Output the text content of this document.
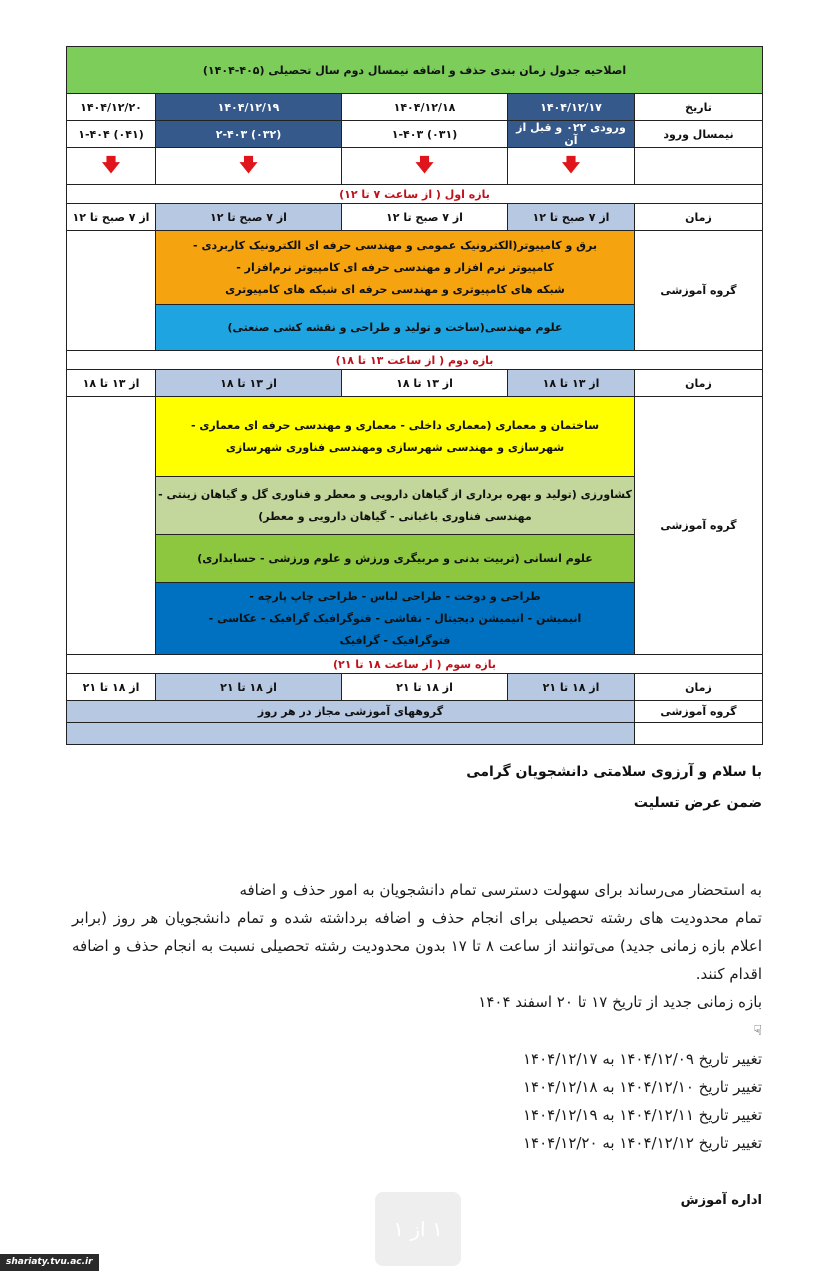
اصلاحیه جدول زمان بندی حذف و اضافه نیمسال دوم سال تحصیلی (۴۰۵-۱۴۰۴)				
تاریخ	۱۴۰۴/۱۲/۱۷	۱۴۰۴/۱۲/۱۸	۱۴۰۴/۱۲/۱۹	۱۴۰۴/۱۲/۲۰
نیمسال ورود	ورودی ۰۲۲ و قبل از آن	(۰۳۱) ۱-۴۰۳	(۰۳۲) ۲-۴۰۳	(۰۴۱) ۱-۴۰۴
	🡇	🡇	🡇	🡇
بازه اول ( از ساعت ۷ تا ۱۲)				
زمان	از ۷ صبح تا ۱۲	از ۷ صبح تا ۱۲	از ۷ صبح تا ۱۲	از ۷ صبح تا ۱۲
گروه آموزشی	برق و کامپیوتر(الکترونیک عمومی و مهندسی حرفه ای الکترونیک کاربردی -
کامپیوتر نرم افزار و مهندسی حرفه ای کامپیوتر نرم‌افزار -
شبکه های کامپیوتری و مهندسی حرفه ای شبکه های کامپیوتری			

	علوم مهندسی(ساخت و تولید و طراحی و نقشه کشی صنعتی)			
بازه دوم ( از ساعت ۱۳ تا ۱۸)				
زمان	از ۱۳ تا ۱۸	از ۱۳ تا ۱۸	از ۱۳ تا ۱۸	از ۱۳ تا ۱۸
گروه آموزشی	ساختمان و معماری (معماری داخلی - معماری و مهندسی حرفه ای معماری -
شهرسازی و مهندسی شهرسازی ومهندسی فناوری شهرسازی			

	کشاورزی (تولید و بهره برداری از گیاهان دارویی و معطر و فناوری گل و گیاهان زینتی -
مهندسی فناوری باغبانی - گیاهان دارویی و معطر)			

	علوم انسانی (تربیت بدنی و مربیگری ورزش و علوم ورزشی - حسابداری)			

	طراحی و دوخت - طراحی لباس - طراحی چاپ پارچه -
انیمیشن - انیمیشن دیجیتال - نقاشی - فتوگرافیک گرافیک - عکاسی -
فتوگرافیک - گرافیک			

بازه سوم ( از ساعت ۱۸ تا ۲۱)				
زمان	از ۱۸ تا ۲۱	از ۱۸ تا ۲۱	از ۱۸ تا ۲۱	از ۱۸ تا ۲۱
گروه آموزشی	گروههای آموزشی مجاز در هر روز			

با سلام و آرزوی سلامتی دانشجویان گرامی
ضمن عرض تسلیت

به استحضار می‌رساند برای سهولت دسترسی تمام دانشجویان به امور حذف و اضافه

تمام محدودیت های رشته تحصیلی برای انجام حذف و اضافه برداشته شده و تمام دانشجویان هر روز (برابر اعلام بازه زمانی جدید) می‌توانند از ساعت ۸ تا ۱۷ بدون محدودیت رشته تحصیلی نسبت به انجام حذف و اضافه اقدام کنند.

بازه زمانی جدید از تاریخ ۱۷ تا ۲۰ اسفند ۱۴۰۴

☟

تغییر تاریخ ۱۴۰۴/۱۲/۰۹ به ۱۴۰۴/۱۲/۱۷

تغییر تاریخ ۱۴۰۴/۱۲/۱۰ به ۱۴۰۴/۱۲/۱۸

تغییر تاریخ ۱۴۰۴/۱۲/۱۱ به ۱۴۰۴/۱۲/۱۹

تغییر تاریخ ۱۴۰۴/۱۲/۱۲ به ۱۴۰۴/۱۲/۲۰

اداره آموزش
۱ از ۱
shariaty.tvu.ac.ir
